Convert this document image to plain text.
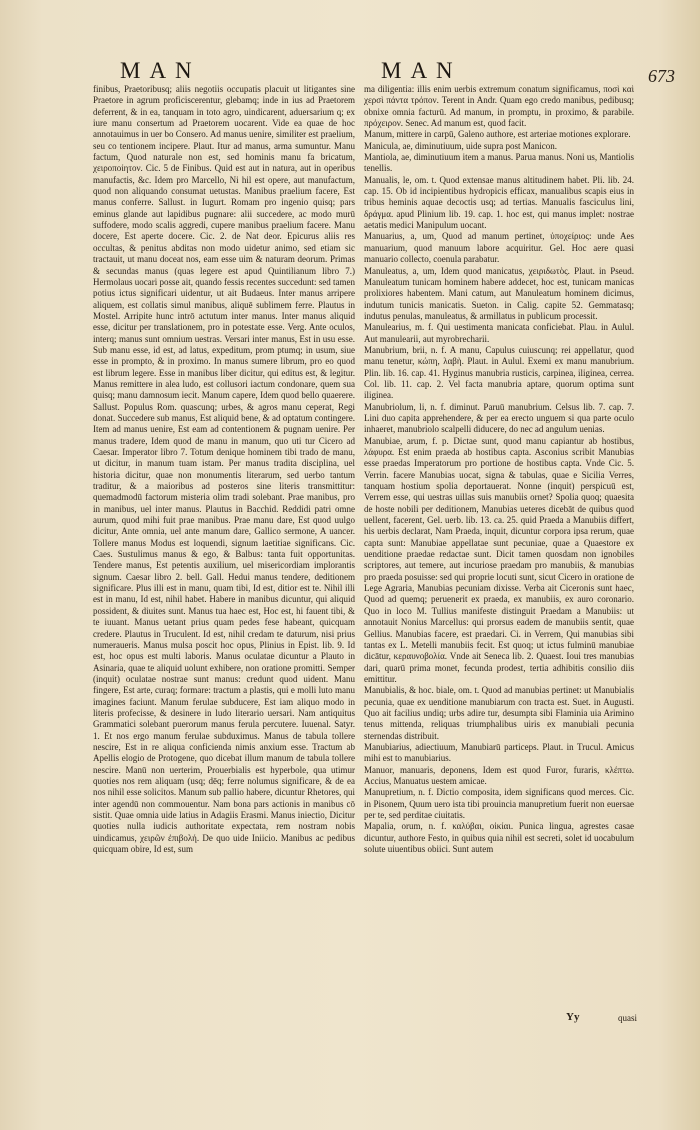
MAN	MAN	673

finibus, Praetoribusq; aliis negotiis occupatis placuit ut litigantes sine Praetore in agrum proficiscerentur, glebamq; inde in ius ad Praetorem deferrent, & in ea, tanquam in toto agro, uindicarent, aduersarium q; ex iure manu consertum ad Praetorem uocarent. Vide ea quae de hoc annotauimus in uer bo Consero. Ad manus uenire, similiter est praelium, seu co tentionem incipere. Plaut. Itur ad manus, arma sumuntur. Manu factum, Quod naturale non est, sed hominis manu fa bricatum, χειροποίητον. Cic. 5 de Finibus. Quid est aut in natura, aut in operibus manufactis, &c. Idem pro Marcello, Ni hil est opere, aut manufactum, quod non aliquando consumat uetustas. Manibus praelium facere, Est manus conferre. Sallust. in Iugurt. Romam pro ingenio quisq; pars eminus glande aut lapidibus pugnare: alii succedere, ac modo murū suffodere, modo scalis aggredi, cupere manibus praelium facere. Manu docere, Est aperte docere. Cic. 2. de Nat deor. Epicurus aliis res occultas, & penitus abditas non modo uidetur animo, sed etiam sic tractauit, ut manu doceat nos, eam esse uim & naturam deorum. Primas & secundas manus (quas legere est apud Quintilianum libro 7.) Hermolaus uocari posse ait, quando fessis recentes succedunt: sed tamen potius ictus significari uidentur, ut ait Budaeus. Inter manus arripere aliquem, est collatis simul manibus, aliquē sublimem ferre. Plautus in Mostel. Arripite hunc intrō actutum inter manus. Inter manus aliquid esse, dicitur per translationem, pro in potestate esse. Verg. Ante oculos, interq; manus sunt omnium uestras. Versari inter manus, Est in usu esse. Sub manu esse, id est, ad latus, expeditum, prom ptumq; in usum, siue esse in prompto, & in proximo. In manus sumere librum, pro eo quod est librum legere. Esse in manibus liber dicitur, qui editus est, & legitur. Manus remittere in alea ludo, est collusori iactum condonare, quem sua quisq; manu damnosum iecit. Manum capere, Idem quod bello quaerere. Sallust. Populus Rom. quascunq; urbes, & agros manu ceperat, Regi donat. Succedere sub manus, Est aliquid bene, & ad optatum contingere. Item ad manus uenire, Est eam ad contentionem & pugnam uenire. Per manus tradere, Idem quod de manu in manum, quo uti tur Cicero ad Caesar. Imperator libro 7. Totum denique hominem tibi trado de manu, ut dicitur, in manum tuam istam. Per manus tradita disciplina, uel historia dicitur, quae non monumentis literarum, sed uerbo tantum traditur, & a maioribus ad posteros sine literis transmittitur: quemadmodū factorum misteria olim tradi solebant. Prae manibus, pro in manibus, uel inter manus. Plautus in Bacchid. Reddidi patri omne aurum, quod mihi fuit prae manibus. Prae manu dare, Est quod uulgo dicitur, Ante omnia, uel ante manum dare, Gallico sermone, A uancer. Tollere manus Modus est loquendi, signum laetitiae significans. Cic. Caes. Sustulimus manus & ego, & Balbus: tanta fuit opportunitas. Tendere manus, Est petentis auxilium, uel misericordiam implorantis signum. Caesar libro 2. bell. Gall. Hedui manus tendere, deditionem significare. Plus illi est in manu, quam tibi, Id est, ditior est te. Nihil illi est in manu, Id est, nihil habet. Habere in manibus dicuntur, qui aliquid possident, & diuites sunt. Manus tua haec est, Hoc est, hi fauent tibi, & te iuuant. Manus uetant prius quam pedes fese habeant, quicquam credere. Plautus in Truculent. Id est, nihil credam te daturum, nisi prius numeraueris. Manus mulsa poscit hoc opus, Plinius in Epist. lib. 9. Id est, hoc opus est multi laboris. Manus oculatae dicuntur a Plauto in Asinaria, quae te aliquid uolunt exhibere, non oratione promitti. Semper (inquit) oculatae nostrae sunt manus: credunt quod uident. Manu fingere, Est arte, curaq; formare: tractum a plastis, qui e molli luto manu imagines faciunt. Manum ferulae subducere, Est iam aliquo modo in literis profecisse, & desinere in ludo literario uersari. Nam antiquitus Grammatici solebant puerorum manus ferula percutere. Iuuenal. Satyr. 1. Et nos ergo manum ferulae subduximus. Manus de tabula tollere nescire, Est in re aliqua conficienda nimis anxium esse. Tractum ab Apellis elogio de Protogene, quo dicebat illum manum de tabula tollere nescire. Manū non uerterim, Prouerbialis est hyperbole, qua utimur quoties nos rem aliquam (usq; dēq; ferre nolumus significare, & de ea nos nihil esse solicitos. Manum sub pallio habere, dicuntur Rhetores, qui inter agendū non commouentur. Nam bona pars actionis in manibus cō sistit. Quae omnia uide latius in Adagiis Erasmi. Manus iniectio, Dicitur quoties nulla iudicis authoritate expectata, rem nostram nobis uindicamus, χειρῶν ἐπιβολή. De quo uide Iniicio. Manibus ac pedibus quicquam obire, Id est, sum

ma diligentia: illis enim uerbis extremum conatum significamus, ποσὶ καὶ χερσὶ πάντα τρόπον. Terent in Andr. Quam ego credo manibus, pedibusq; obnixe omnia facturū. Ad manum, in promptu, in proximo, & parabile. πρόχειρον. Senec. Ad manum est, quod facit.

Manum, mittere in carpū, Galeno authore, est arteriae motiones explorare.

Manicula, ae, diminutiuum, uide supra post Manicon.

Mantiola, ae, diminutiuum item a manus. Parua manus. Noni us, Mantiolis tenellis.

Manualis, le, om. t. Quod extensae manus altitudinem habet. Pli. lib. 24. cap. 15. Ob id incipientibus hydropicis efficax, manualibus scapis eius in tribus heminis aquae decoctis usq; ad tertias. Manualis fasciculus lini, δράγμα. apud Plinium lib. 19. cap. 1. hoc est, qui manus implet: nostrae aetatis medici Manipulum uocant.

Manuarius, a, um, Quod ad manum pertinet, ὑποχείριος: unde Aes manuarium, quod manuum labore acquiritur. Gel. Hoc aere quasi manuario collecto, coenula parabatur.

Manuleatus, a, um, Idem quod manicatus, χειριδωτὸς. Plaut. in Pseud. Manuleatum tunicam hominem habere addecet, hoc est, tunicam manicas prolixiores habentem. Mani catum, aut Manuleatum hominem dicimus, indutum tunicis manicatis. Sueton. in Calig. capite 52. Gemmatasq; indutus penulas, manuleatus, & armillatus in publicum processit.

Manulearius, m. f. Qui uestimenta manicata conficiebat. Plau. in Aulul. Aut manulearii, aut myrobrecharii.

Manubrium, brii, n. f. A manu, Capulus cuiuscunq; rei appellatur, quod manu tenetur, κώπη, λαβὴ. Plaut. in Aulul. Exemi ex manu manubrium. Plin. lib. 16. cap. 41. Hyginus manubria rusticis, carpinea, iliginea, cerrea. Col. lib. 11. cap. 2. Vel facta manubria aptare, quorum optima sunt iliginea.

Manubriolum, li, n. f. diminut. Paruū manubrium. Celsus lib. 7. cap. 7. Lini duo capita apprehendere, & per ea erecto unguem si qua parte oculo inhaeret, manubriolo scalpelli diducere, do nec ad angulum uenias.

Manubiae, arum, f. p. Dictae sunt, quod manu capiantur ab hostibus, λάφυρα. Est enim praeda ab hostibus capta. Asconius scribit Manubias esse praedas Imperatorum pro portione de hostibus capta. Vnde Cic. 5. Verrin. facere Manubias uocat, signa & tabulas, quae e Sicilia Verres, tanquam hostium spolia deportauerat. Nonne (inquit) perspicuū est, Verrem esse, qui uestras uillas suis manubiis ornet? Spolia quoq; quaesita de hoste nobili per deditionem, Manubias ueteres dicebāt de quibus quod uellent, facerent, Gel. uerb. lib. 13. ca. 25. quid Praeda a Manubiis differt, his uerbis declarat, Nam Praeda, inquit, dicuntur corpora ipsa rerum, quae capta sunt: Manubiae appellatae sunt pecuniae, quae a Quaestore ex uenditione praedae redactae sunt. Dicit tamen quosdam non ignobiles scriptores, aut temere, aut incuriose praedam pro manubiis, & manubias pro praeda posuisse: sed qui proprie locuti sunt, sicut Cicero in oratione de Lege Agraria, Manubias pecuniam dixisse. Verba ait Ciceronis sunt haec, Quod ad quemq; peruenerit ex praeda, ex manubiis, ex auro coronario. Quo in loco M. Tullius manifeste distinguit Praedam a Manubiis: ut annotauit Nonius Marcellus: qui prorsus eadem de manubiis sentit, quae Gellius. Manubias facere, est praedari. Ci. in Verrem, Qui manubias sibi tantas ex L. Metelli manubiis fecit. Est quoq; ut ictus fulminū manubiae dicātur, κεραυνοβολία. Vnde ait Seneca lib. 2. Quaest. Ioui tres manubias dari, quarū prima monet, fecunda prodest, tertia adhibitis consilio diis emittitur.

Manubialis, & hoc. biale, om. t. Quod ad manubias pertinet: ut Manubialis pecunia, quae ex uenditione manubiarum con tracta est. Suet. in Augusti. Quo ait facilius undiq; urbs adire tur, desumpta sibi Flaminia uia Arimino tenus mittenda, reliquas triumphalibus uiris ex manubiali pecunia sternendas distribuit.

Manubiarius, adiectiuum, Manubiarū particeps. Plaut. in Trucul. Amicus mihi est to manubiarius.

Manuor, manuaris, deponens, Idem est quod Furor, furaris, κλέπτω. Accius, Manuatus uestem amicae.

Manupretium, n. f. Dictio composita, idem significans quod merces. Cic. in Pisonem, Quum uero ista tibi prouincia manupretium fuerit non euersae per te, sed perditae ciuitatis.

Mapalia, orum, n. f. καλύβαι, οἰκίαι. Punica lingua, agrestes casae dicuntur, authore Festo, in quibus quia nihil est secreti, solet id uocabulum solute uiuentibus obiici. Sunt autem

Yy	quasi
